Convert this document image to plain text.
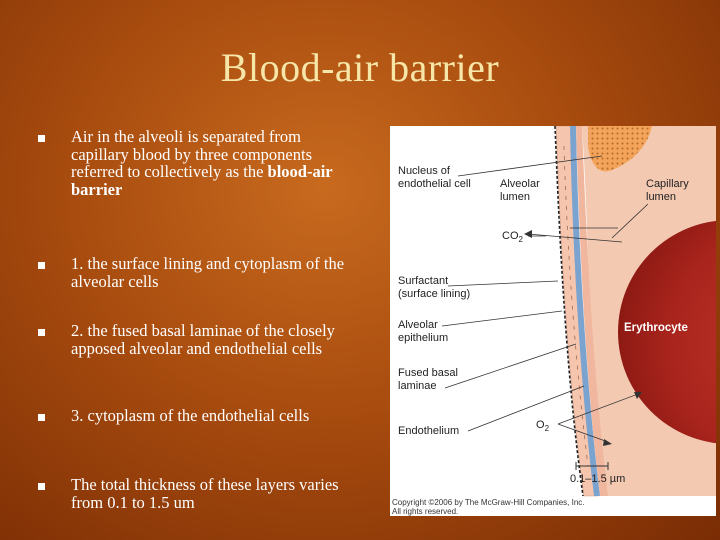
Blood-air barrier
Air in the alveoli is separated from capillary blood by three components referred to collectively as the blood-air barrier
1. the surface lining and cytoplasm of the alveolar cells
2. the fused basal laminae of the closely apposed alveolar and endothelial cells
3. cytoplasm of the endothelial cells
The total thickness of these layers varies from 0.1 to 1.5 um
Nucleus of
endothelial cell	Alveolar
lumen
Capillary
lumen
$CO_2$
Surfactant
(surface lining)
Alveolar
epithelium
Erythrocyte
Fused basal
laminae
Endothelium	$O_2$
0.1–1.5 µm
Copyright ©2006 by The McGraw-Hill Companies, Inc.
All rights reserved.
